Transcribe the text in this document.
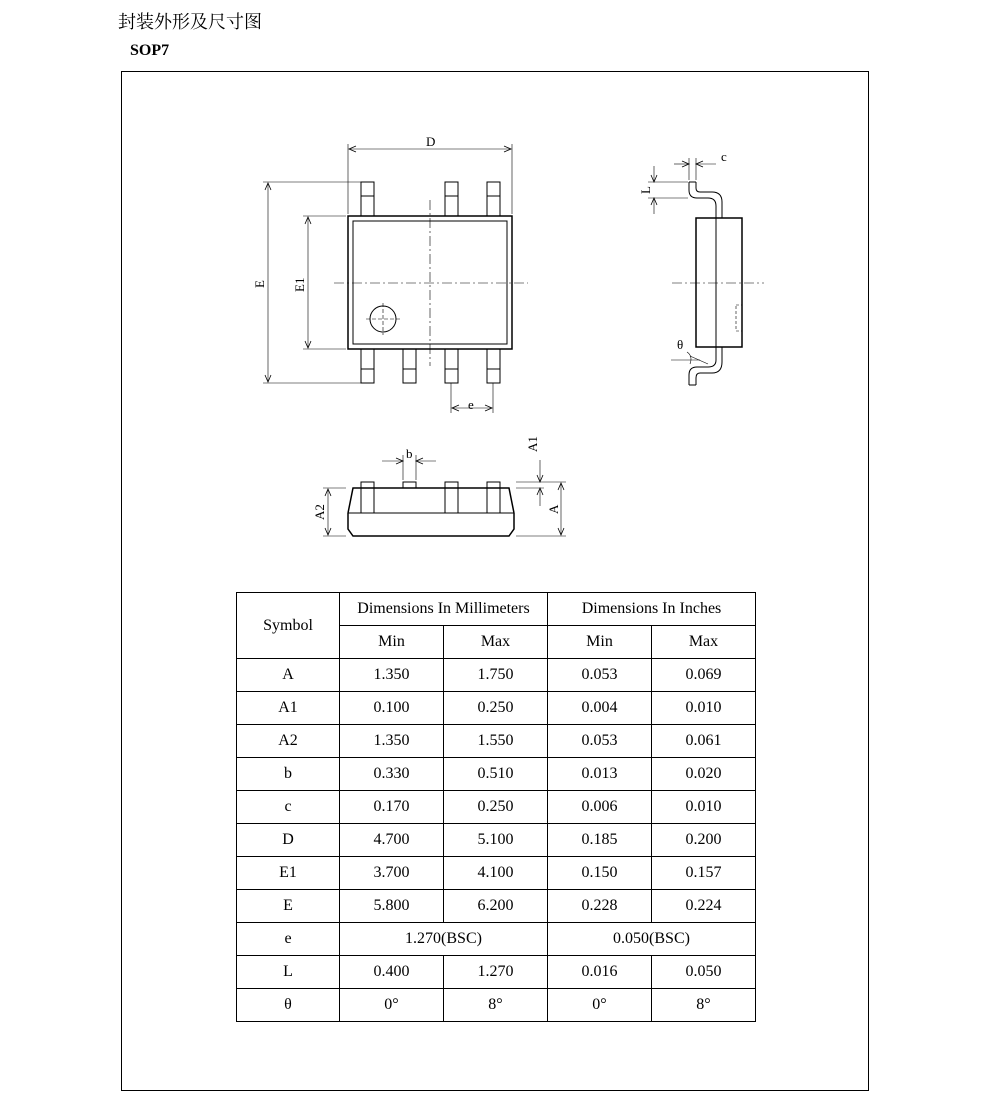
封装外形及尺寸图
SOP7
D
E E1
e
b
A2
A1
A
c
L
θ
Symbol	Dimensions In Millimeters		Dimensions In Inches	
	Min	Max	Min	Max
A	1.350	1.750	0.053	0.069
A1	0.100	0.250	0.004	0.010
A2	1.350	1.550	0.053	0.061
b	0.330	0.510	0.013	0.020
c	0.170	0.250	0.006	0.010
D	4.700	5.100	0.185	0.200
E1	3.700	4.100	0.150	0.157
E	5.800	6.200	0.228	0.224
e	1.270(BSC)		0.050(BSC)	
L	0.400	1.270	0.016	0.050
θ	0°	8°	0°	8°
